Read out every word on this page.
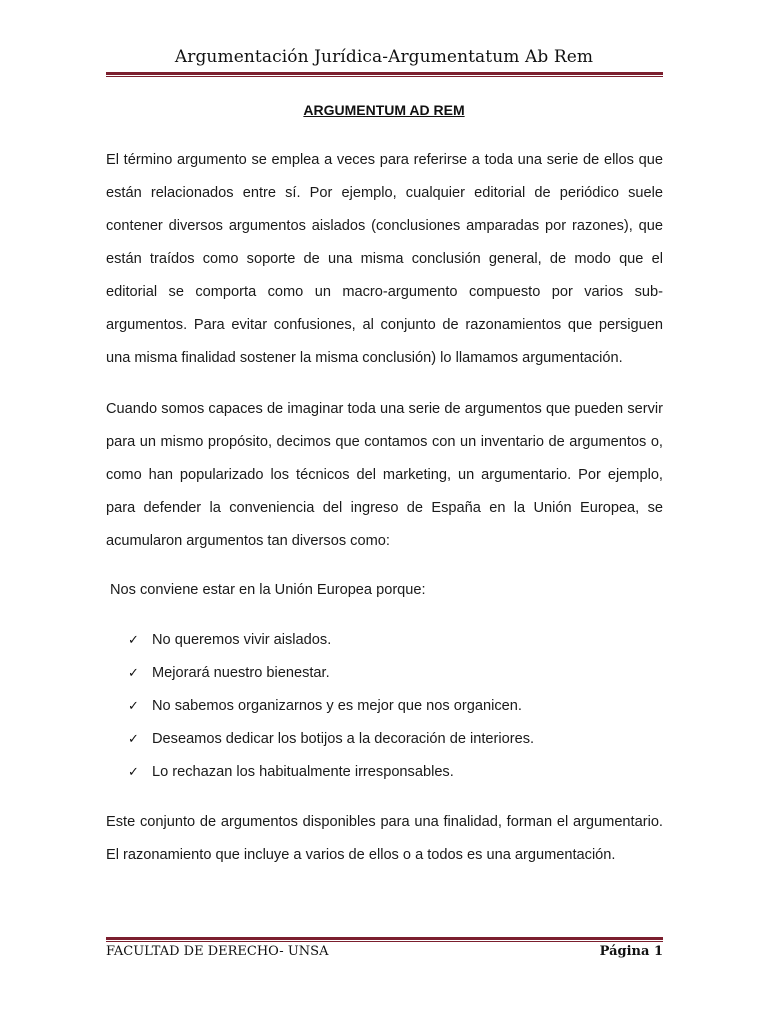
Argumentación Jurídica-Argumentatum Ab Rem
ARGUMENTUM AD REM

El término argumento se emplea a veces para referirse a toda una serie de ellos que están relacionados entre sí. Por ejemplo, cualquier editorial de periódico suele contener diversos argumentos aislados (conclusiones amparadas por razones), que están traídos como soporte de una misma conclusión general, de modo que el editorial se comporta como un macro-argumento compuesto por varios sub-argumentos. Para evitar confusiones, al conjunto de razonamientos que persiguen una misma finalidad sostener la misma conclusión) lo llamamos argumentación.

Cuando somos capaces de imaginar toda una serie de argumentos que pueden servir para un mismo propósito, decimos que contamos con un inventario de argumentos o, como han popularizado los técnicos del marketing, un argumentario. Por ejemplo, para defender la conveniencia del ingreso de España en la Unión Europea, se acumularon argumentos tan diversos como:

Nos conviene estar en la Unión Europea porque:

✓ No queremos vivir aislados.
✓ Mejorará nuestro bienestar.
✓ No sabemos organizarnos y es mejor que nos organicen.
✓ Deseamos dedicar los botijos a la decoración de interiores.
✓ Lo rechazan los habitualmente irresponsables.

Este conjunto de argumentos disponibles para una finalidad, forman el argumentario. El razonamiento que incluye a varios de ellos o a todos es una argumentación.

FACULTAD DE DERECHO- UNSA	Página 1
